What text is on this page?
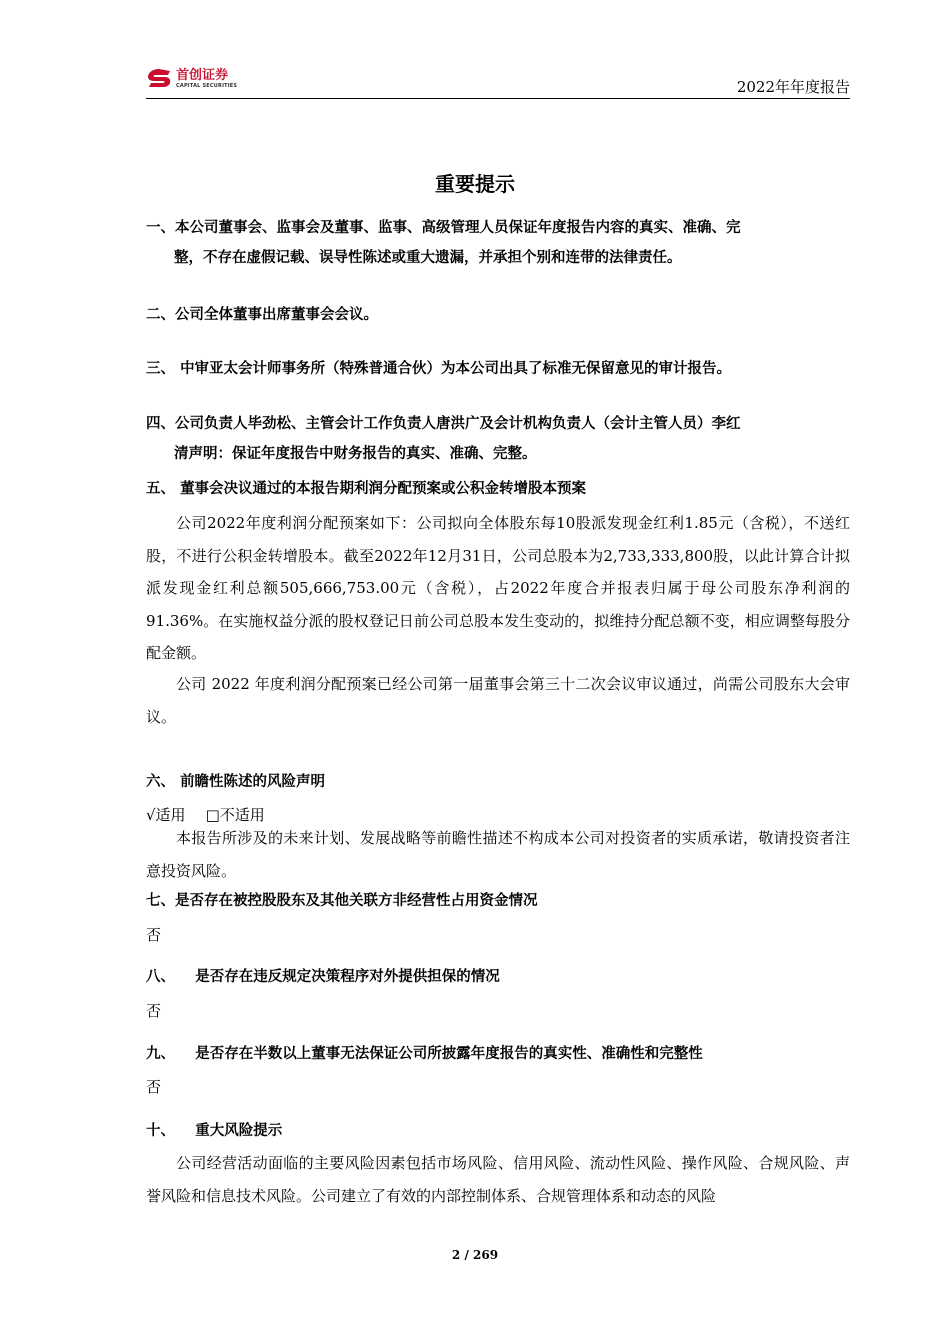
首创证券
CAPITAL SECURITIES	2022年年度报告
重要提示
一、本公司董事会、监事会及董事、监事、高级管理人员保证年度报告内容的真实、准确、完
整，不存在虚假记载、误导性陈述或重大遗漏，并承担个别和连带的法律责任。
二、公司全体董事出席董事会会议。
三、 中审亚太会计师事务所（特殊普通合伙）为本公司出具了标准无保留意见的审计报告。
四、公司负责人毕劲松、主管会计工作负责人唐洪广及会计机构负责人（会计主管人员）李红
清声明：保证年度报告中财务报告的真实、准确、完整。
五、 董事会决议通过的本报告期利润分配预案或公积金转增股本预案
公司2022年度利润分配预案如下：公司拟向全体股东每10股派发现金红利1.85元（含税），不送红股，不进行公积金转增股本。截至2022年12月31日，公司总股本为2,733,333,800股，以此计算合计拟派发现金红利总额505,666,753.00元（含税），占2022年度合并报表归属于母公司股东净利润的 91.36%。在实施权益分派的股权登记日前公司总股本发生变动的，拟维持分配总额不变，相应调整每股分配金额。
公司 2022 年度利润分配预案已经公司第一届董事会第三十二次会议审议通过，尚需公司股东大会审议。
六、 前瞻性陈述的风险声明
√适用 □不适用
本报告所涉及的未来计划、发展战略等前瞻性描述不构成本公司对投资者的实质承诺，敬请投资者注意投资风险。
七、是否存在被控股股东及其他关联方非经营性占用资金情况
否
八、    是否存在违反规定决策程序对外提供担保的情况
否
九、    是否存在半数以上董事无法保证公司所披露年度报告的真实性、准确性和完整性
否
十、    重大风险提示
公司经营活动面临的主要风险因素包括市场风险、信用风险、流动性风险、操作风险、合规风险、声誉风险和信息技术风险。公司建立了有效的内部控制体系、合规管理体系和动态的风险
2 / 269
